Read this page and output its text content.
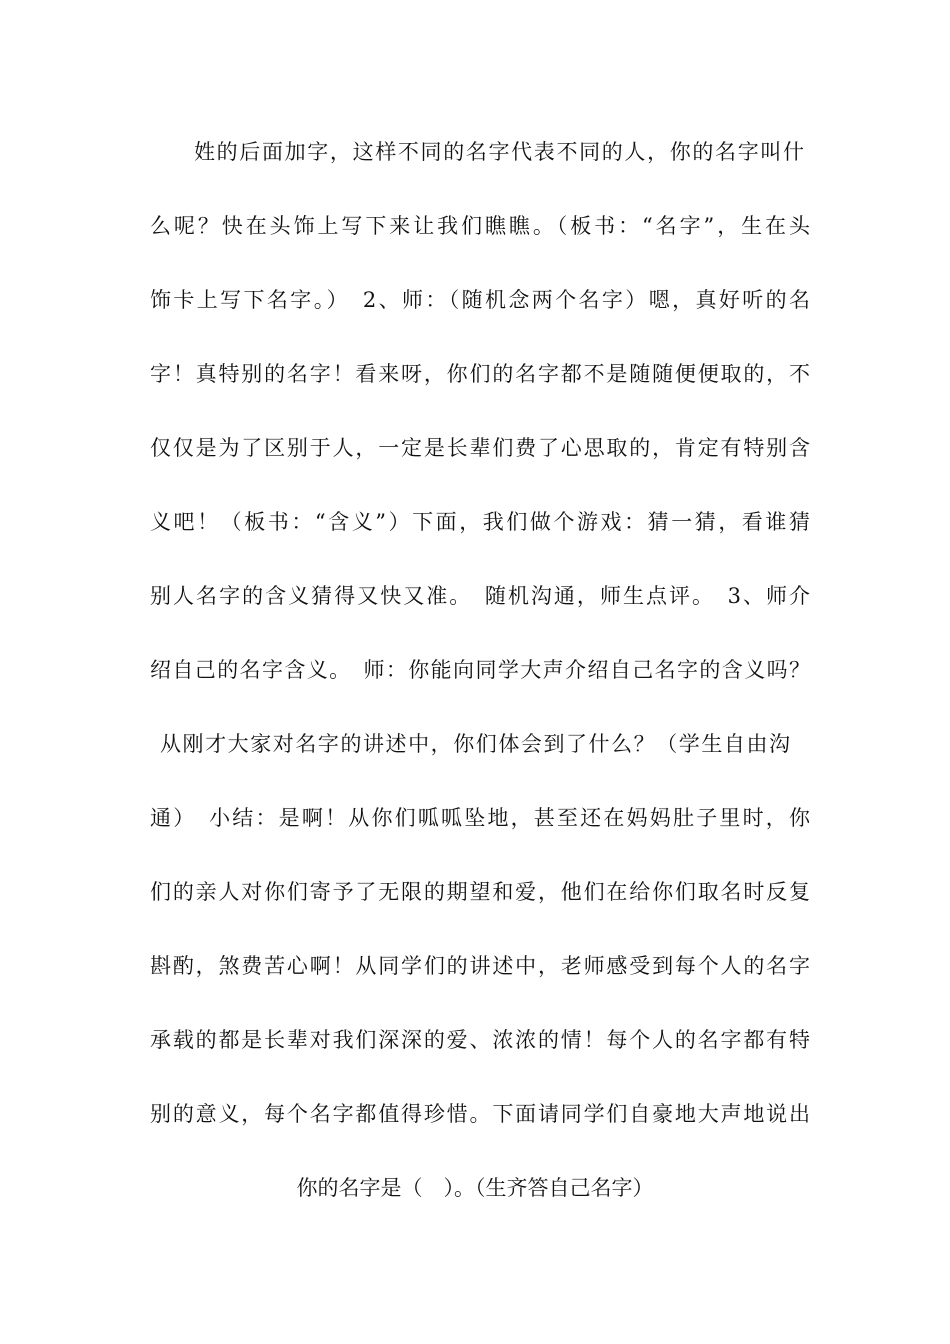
姓的后面加字，这样不同的名字代表不同的人，你的名字叫什
么呢？快在头饰上写下来让我们瞧瞧。（板书：“名字”，生在头
饰卡上写下名字。）　2、师：（随机念两个名字）嗯，真好听的名
字！真特别的名字！看来呀，你们的名字都不是随随便便取的，不
仅仅是为了区别于人，一定是长辈们费了心思取的，肯定有特别含
义吧！（板书：“含义”）下面，我们做个游戏：猜一猜，看谁猜
别人名字的含义猜得又快又准。　随机沟通，师生点评。　3、师介
绍自己的名字含义。　师：你能向同学大声介绍自己名字的含义吗？
从刚才大家对名字的讲述中，你们体会到了什么？（学生自由沟
通）　小结：是啊！从你们呱呱坠地，甚至还在妈妈肚子里时，你
们的亲人对你们寄予了无限的期望和爱，他们在给你们取名时反复
斟酌，煞费苦心啊！从同学们的讲述中，老师感受到每个人的名字
承载的都是长辈对我们深深的爱、浓浓的情！每个人的名字都有特
别的意义，每个名字都值得珍惜。下面请同学们自豪地大声地说出
你的名字是（　）。（生齐答自己名字）
